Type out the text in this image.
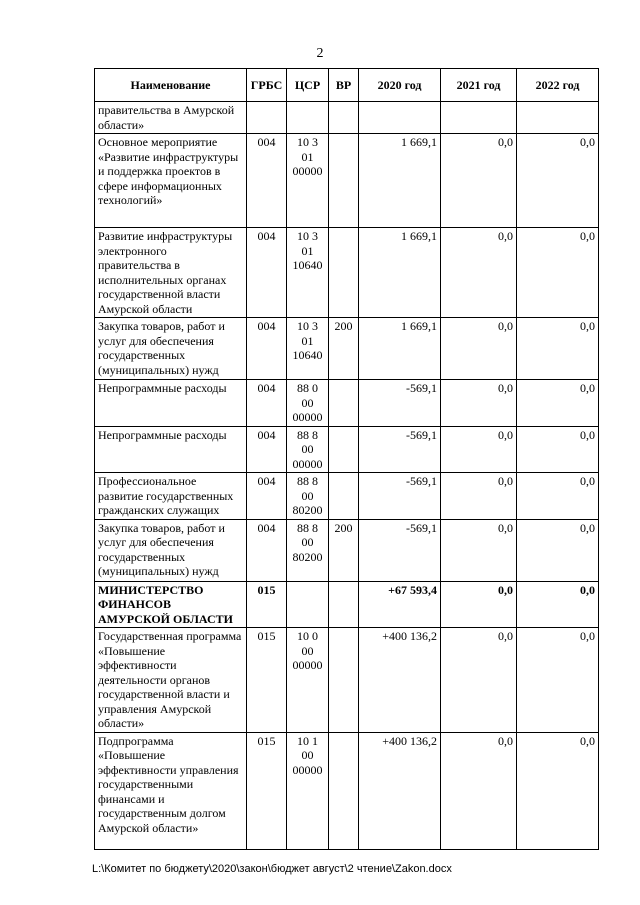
2
Наименование	ГРБС	ЦСР	ВР	2020 год	2021 год	2022 год
правительства в Амурской области»						
Основное мероприятие «Развитие инфраструктуры и поддержка проектов в сфере информационных технологий»	004	10 3 01 00000		1 669,1	0,0	0,0
Развитие инфраструктуры электронного правительства в исполнительных органах государственной власти Амурской области	004	10 3 01 10640		1 669,1	0,0	0,0
Закупка товаров, работ и услуг для обеспечения государственных (муниципальных) нужд	004	10 3 01 10640	200	1 669,1	0,0	0,0
Непрограммные расходы	004	88 0 00 00000		-569,1	0,0	0,0
Непрограммные расходы	004	88 8 00 00000		-569,1	0,0	0,0
Профессиональное развитие государственных гражданских служащих	004	88 8 00 80200		-569,1	0,0	0,0
Закупка товаров, работ и услуг для обеспечения государственных (муниципальных) нужд	004	88 8 00 80200	200	-569,1	0,0	0,0
МИНИСТЕРСТВО ФИНАНСОВ АМУРСКОЙ ОБЛАСТИ	015			+67 593,4	0,0	0,0
Государственная программа «Повышение эффективности деятельности органов государственной власти и управления Амурской области»	015	10 0 00 00000		+400 136,2	0,0	0,0
Подпрограмма «Повышение эффективности управления государственными финансами и государственным долгом Амурской области»	015	10 1 00 00000		+400 136,2	0,0	0,0
L:\Комитет по бюджету\2020\закон\бюджет август\2 чтение\Zakon.docx
